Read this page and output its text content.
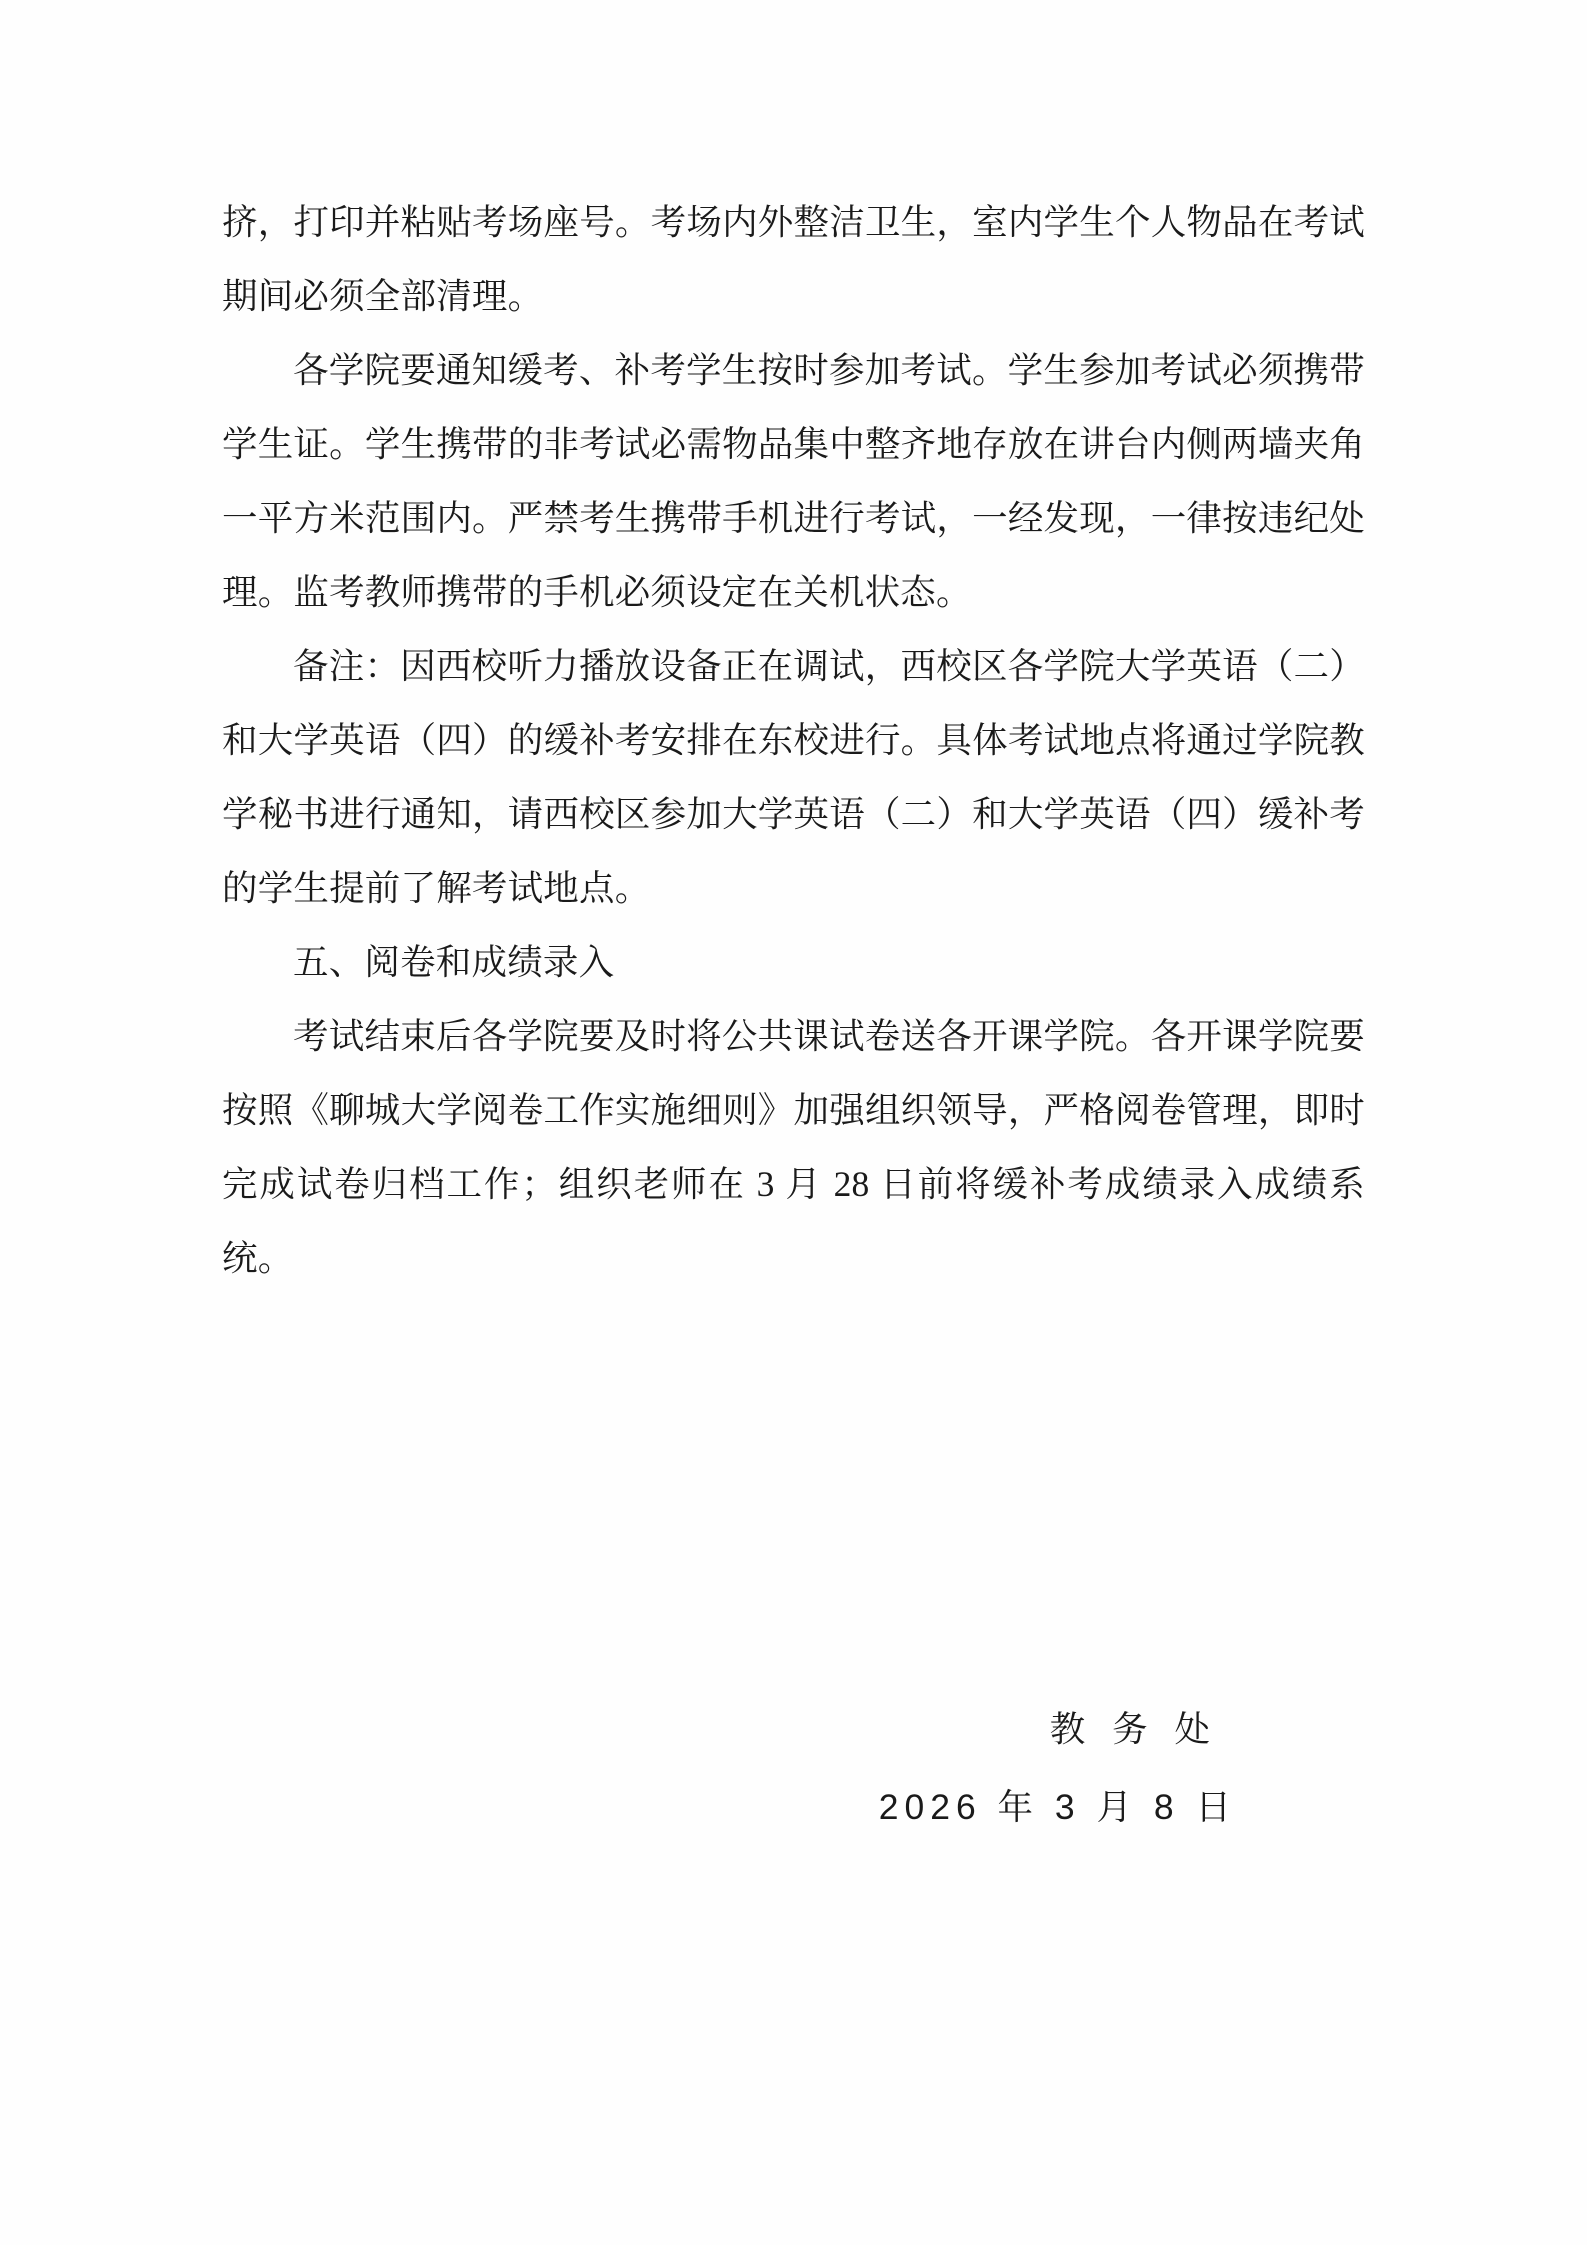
挤，打印并粘贴考场座号。考场内外整洁卫生，室内学生个人物品在考试期间必须全部清理。

各学院要通知缓考、补考学生按时参加考试。学生参加考试必须携带学生证。学生携带的非考试必需物品集中整齐地存放在讲台内侧两墙夹角一平方米范围内。严禁考生携带手机进行考试，一经发现，一律按违纪处理。监考教师携带的手机必须设定在关机状态。

备注：因西校听力播放设备正在调试，西校区各学院大学英语（二）和大学英语（四）的缓补考安排在东校进行。具体考试地点将通过学院教学秘书进行通知，请西校区参加大学英语（二）和大学英语（四）缓补考的学生提前了解考试地点。

五、阅卷和成绩录入

考试结束后各学院要及时将公共课试卷送各开课学院。各开课学院要按照《聊城大学阅卷工作实施细则》加强组织领导，严格阅卷管理，即时完成试卷归档工作；组织老师在 3 月 28 日前将缓补考成绩录入成绩系统。

教 务 处
2026 年 3 月 8 日
